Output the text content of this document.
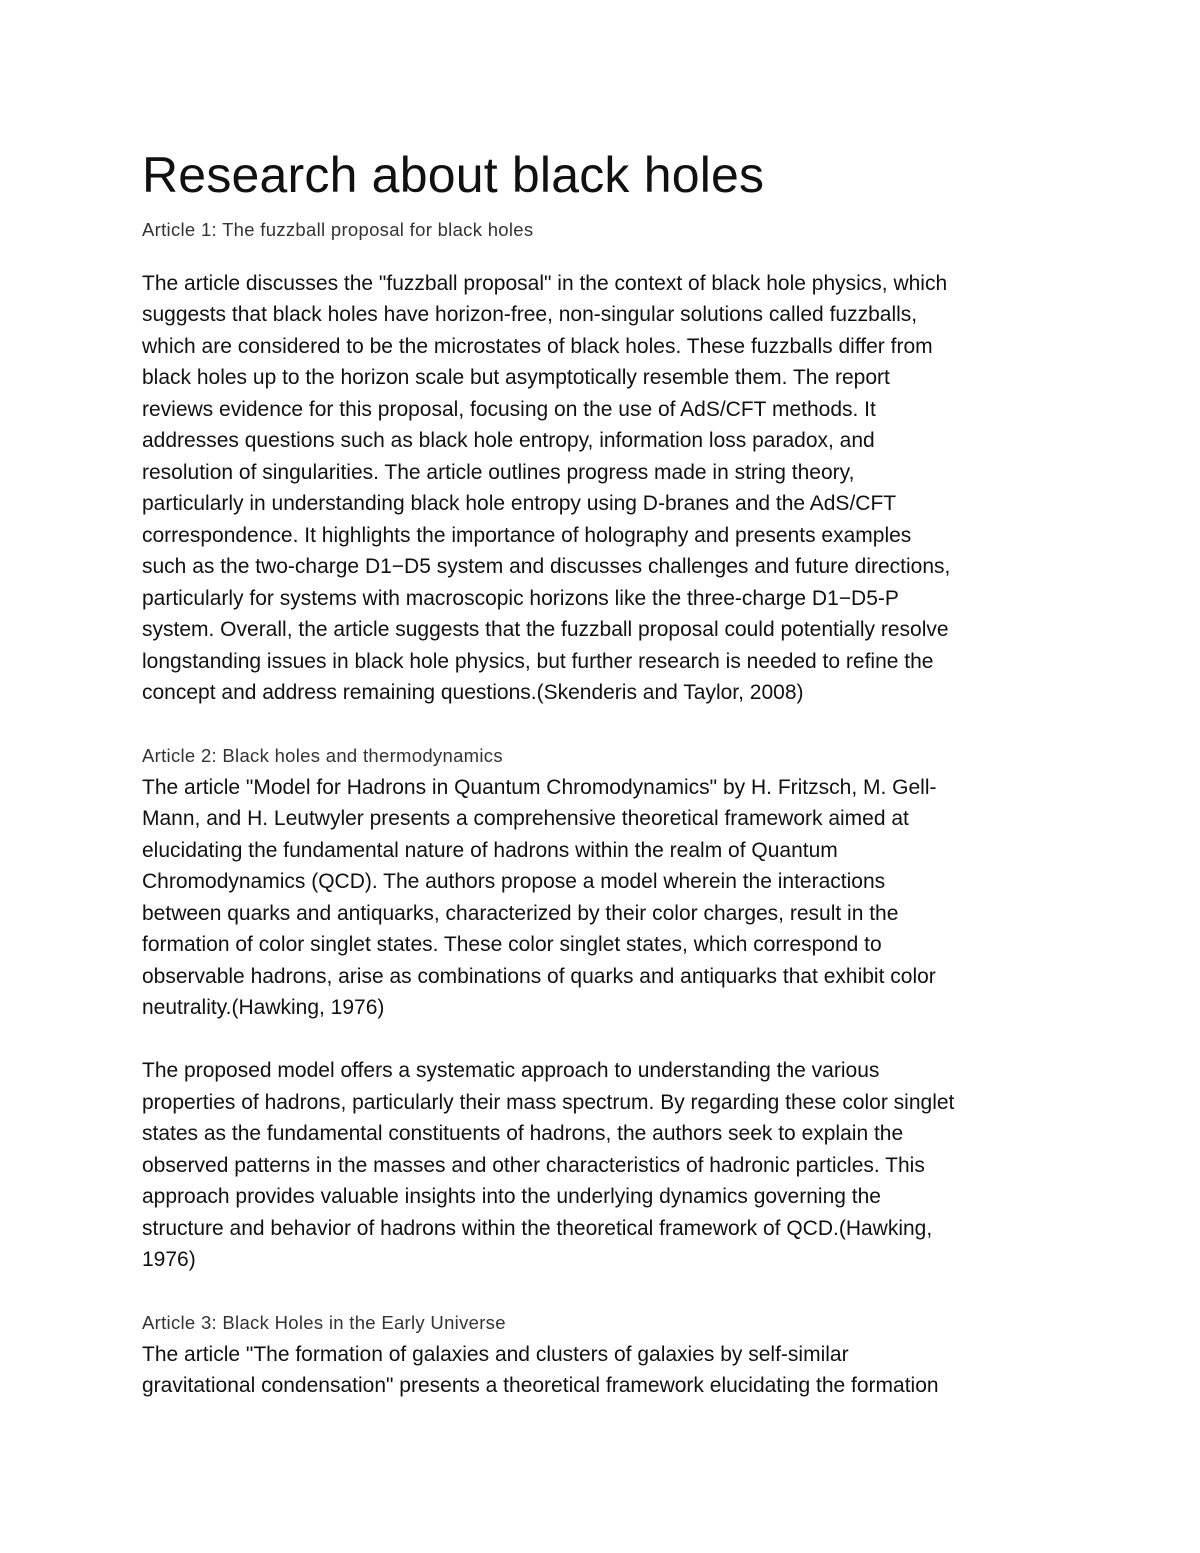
Research about black holes

Article 1: The fuzzball proposal for black holes

The article discusses the "fuzzball proposal" in the context of black hole physics, which
suggests that black holes have horizon-free, non-singular solutions called fuzzballs,
which are considered to be the microstates of black holes. These fuzzballs differ from
black holes up to the horizon scale but asymptotically resemble them. The report
reviews evidence for this proposal, focusing on the use of AdS/CFT methods. It
addresses questions such as black hole entropy, information loss paradox, and
resolution of singularities. The article outlines progress made in string theory,
particularly in understanding black hole entropy using D-branes and the AdS/CFT
correspondence. It highlights the importance of holography and presents examples
such as the two-charge D1−D5 system and discusses challenges and future directions,
particularly for systems with macroscopic horizons like the three-charge D1−D5-P
system. Overall, the article suggests that the fuzzball proposal could potentially resolve
longstanding issues in black hole physics, but further research is needed to refine the
concept and address remaining questions.(Skenderis and Taylor, 2008)

Article 2: Black holes and thermodynamics

The article "Model for Hadrons in Quantum Chromodynamics" by H. Fritzsch, M. Gell-
Mann, and H. Leutwyler presents a comprehensive theoretical framework aimed at
elucidating the fundamental nature of hadrons within the realm of Quantum
Chromodynamics (QCD). The authors propose a model wherein the interactions
between quarks and antiquarks, characterized by their color charges, result in the
formation of color singlet states. These color singlet states, which correspond to
observable hadrons, arise as combinations of quarks and antiquarks that exhibit color
neutrality.(Hawking, 1976)

The proposed model offers a systematic approach to understanding the various
properties of hadrons, particularly their mass spectrum. By regarding these color singlet
states as the fundamental constituents of hadrons, the authors seek to explain the
observed patterns in the masses and other characteristics of hadronic particles. This
approach provides valuable insights into the underlying dynamics governing the
structure and behavior of hadrons within the theoretical framework of QCD.(Hawking,
1976)

Article 3: Black Holes in the Early Universe

The article "The formation of galaxies and clusters of galaxies by self-similar
gravitational condensation" presents a theoretical framework elucidating the formation
